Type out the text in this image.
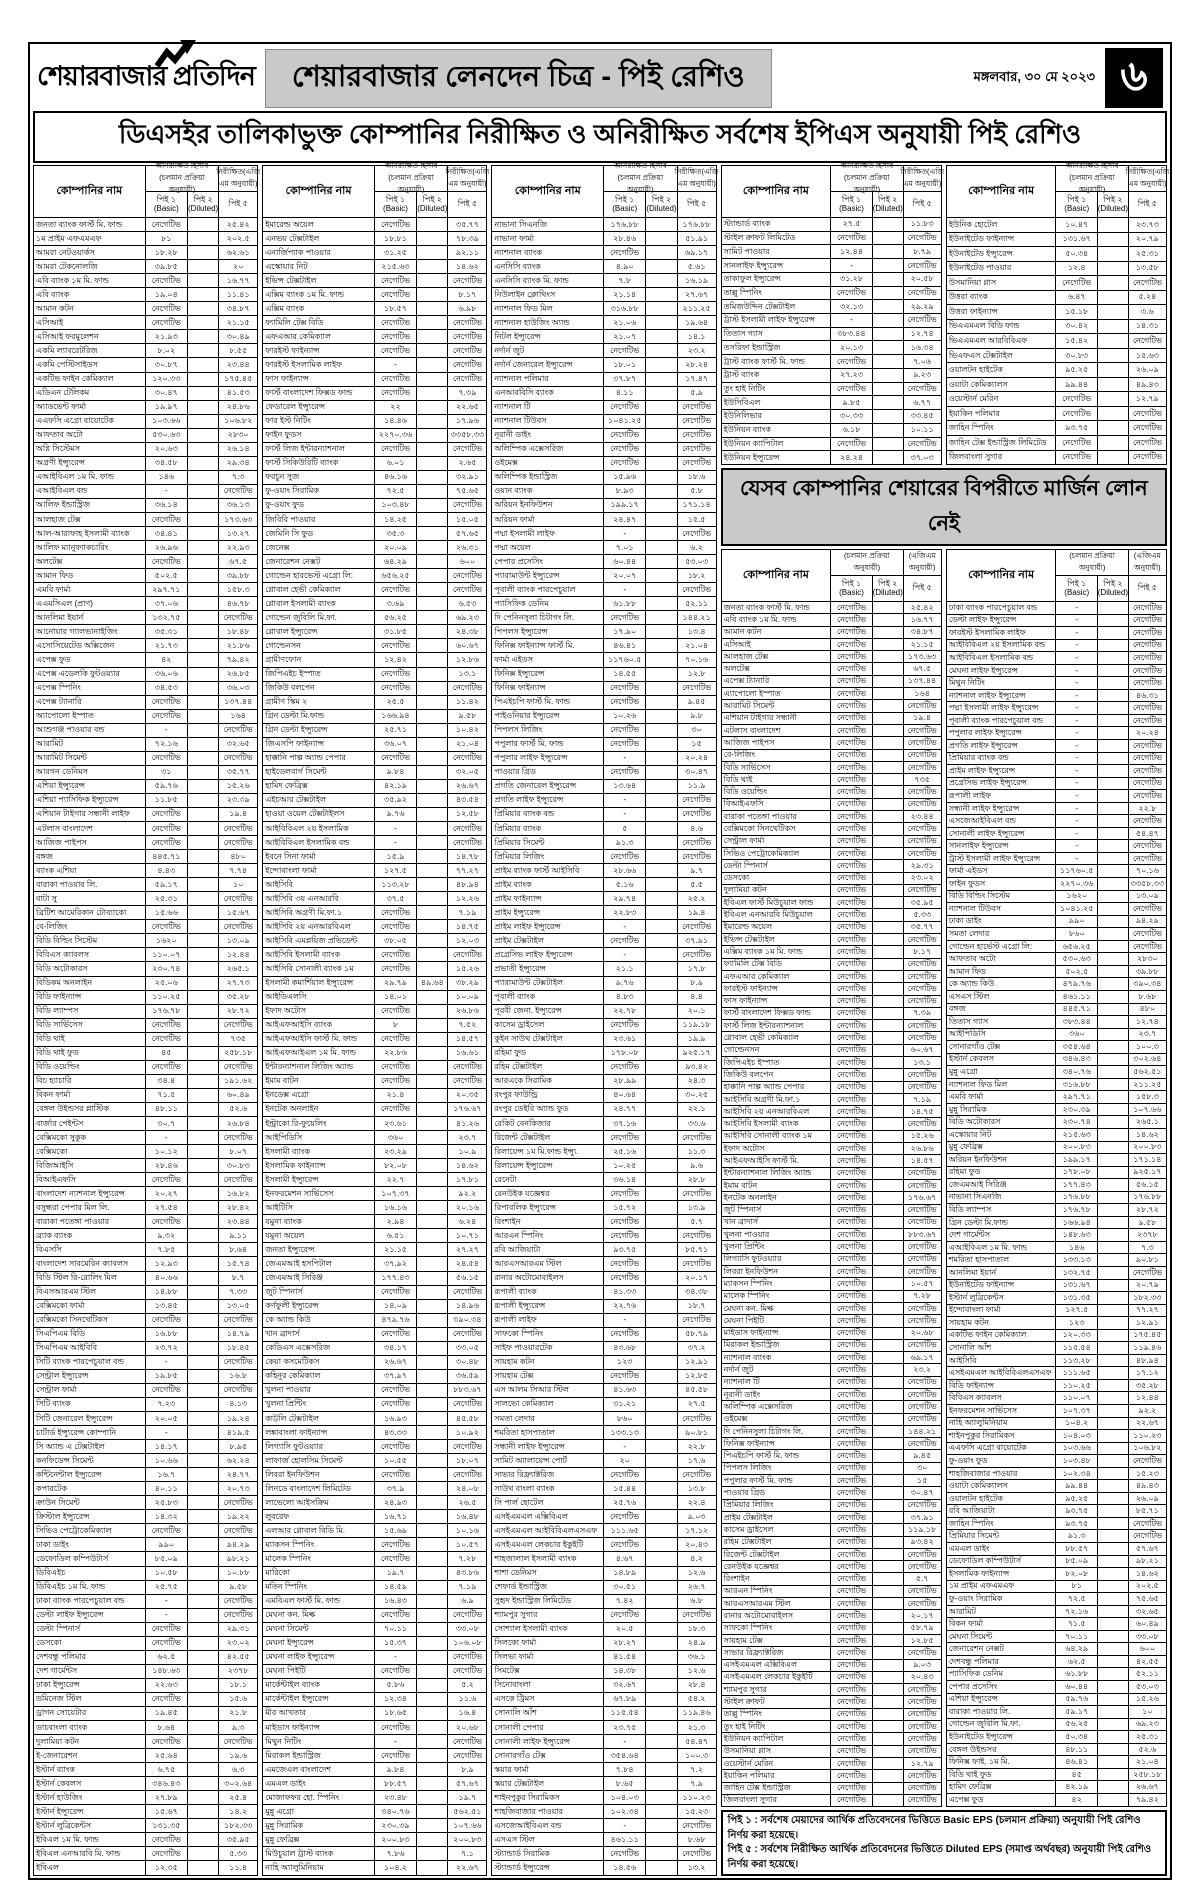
শেয়ারবাজার প্রতিদিন	শেয়ারবাজার লেনদেন চিত্র - পিই রেশিও	মঙ্গলবার, ৩০ মে ২০২৩ ৬
ডিএসইর তালিকাভুক্ত কোম্পানির নিরীক্ষিত ও অনিরীক্ষিত সর্বশেষ ইপিএস অনুযায়ী পিই রেশিও
কোম্পানির নাম
অনিরীক্ষিত হিসাব (চলমান প্রক্রিয়া অনুযায়ী)
নিরীক্ষিত(এজি এম অনুযায়ী)
পিই ১
(Basic)
পিই ২
(Diluted)	পিই ৫
জনতা ব্যাংক ফার্স্ট মি. ফান্ড	নেগেটিভ	২৫.৪২
১ম প্রাইম এফএমএফ	৮১	২০২.৫
আমরা নেটওয়ার্কস	১৮.২৮	৬২.৬১
আমরা টেকনোলজি	৩৯.৮৫	২০
এবি ব্যাংক ১ম মি. ফান্ড	নেগেটিভ	১৬.৭৭
এবি ব্যাংক	১৯.০৪	১১.৪১
আমান কটন	নেগেটিভ	৩৪.৮৭
এসিআই	নেগেটিভ	২১.১৫
এসিআই ফরমুলেশন	২১.৯৩	৩০.৪৯
একমি ল্যাবরেটরিজ	৮.০২	৮.৫৫
একমি পেস্টিসাইডস	৩০.৮৭	২৩.৪৪
একটিভ ফাইন কেমিক্যাল	১২০.৩৩	১৭৫.৪৫
এডিএন টেলিকম	৩০.৪৭	৪১.৫৩
অ্যাডভেন্ট ফার্মা	১৯.৯৭	২৪.৮৬
এএফসি এগ্রো বায়োটেক	১০৩.৬৬	১০৬.৮২
আফতাব অটো	৫৩০.৬৩	২৮৩০
অগ্নি সিস্টেমস	২০.৬৩	২৬.১৪
অগ্রণী ইন্স্যুরেন্স	৩৪.৫৮	২৯.৩৪
এআইবিএল ১ম মি. ফান্ড	১৪৬	৭.৩
এআইবিএল বন্ড	-	নেগেটিভ
আলিফ ইন্ডাস্ট্রিজ	৩৬.১৪	৩৬.১৩
আলহাজ টেক্স	নেগেটিভ	১৭৩.৬৩
আল-আরাফাহ ইসলামী ব্যাংক	৩৪.৪১	১৩.২৭
আলিফ ম্যানুফ্যাকচারিং	২৬.৯৬	২২.৯৩
অলটেক্স	নেগেটিভ	৬৭.৫
আমান ফিড	৫০২.৫	৩৯.৮৮
এমবি ফার্মা	২৯৭.৭১	১৫৮.৩
এএমসিএল (প্রাণ)	৩৭.০৬	৪৬.৭৮
আনলিমা ইয়ার্ন	১৩২.৭৫	নেগেটিভ
আনোয়ার গ্যালভানাইজিং	৩৫.৩১	১৮.৪৮
এসোসিয়েটেড অক্সিজেন	২১.৭৩	২১.৮৬
এপেক্স ফুড	৪২	৭৯.৪২
এপেক্স এডেলকি ফুটওয়্যার	৩৬.০৬	২৬.৮৫
এপেক্স স্পিনিং	৩৪.৫৩	৩৬.০৩
এপেক্স ট্যানারি	নেগেটিভ	১৩৭.৪৪
অ্যাপোলো ইস্পাত	নেগেটিভ	১৬৪
আশুগঞ্জ পাওয়ার বন্ড	-	নেগেটিভ
আরামিট	৭২.১৬	৩২.৬৫
আরামিট সিমেন্ট	নেগেটিভ	নেগেটিভ
আরগন ডেনিমস	৩১	৩৫.৭৭
এশিয়া ইন্স্যুরেন্স	৫৯.৭৬	১৫.২৬
এশিয়া প্যাসিফিক ইন্স্যুরেন্স	১১.৮৫	২৩.৩৯
এশিয়ান টাইগার সন্ধানী লাইফ	নেগেটিভ	১৯.৪
এটলাস বাংলাদেশ	নেগেটিভ	নেগেটিভ
আজিজ পাইপস	নেগেটিভ	নেগেটিভ
বঙ্গজ	৪৪৫.৭১	৪৮০
ব্যাংক এশিয়া	৪.৪৩	৭.৭৪
বারাকা পাওয়ার লি.	৫৯.১৭	১০
বাটা সু	২৫.৩১	নেগেটিভ
ব্রিটিশ আমেরিকান টোব্যাকো	১৫.৬৬	১৫.৬৭
বে-লিজিং	নেগেটিভ	নেগেটিভ
বিডি বিল্ডিং সিস্টেম	১৬২০	১৩.০৯
বিবিএস ক্যাবলস	১১০.০৭	১২.৪৪
বিডি অটোকারস	২৩০.৭৪	২৬৫.১
বিডিকম অনলাইন	২৫.০৬	২৭.৭৩
বিডি ফাইন্যান্স	১১০.২৫	৩৫.২৮
বিডি ল্যাম্পস	১৭৬.৭৮	২৮.৭২
বিডি সার্ভিসেস	নেগেটিভ	নেগেটিভ
বিডি থাই	নেগেটিভ	৭৩৫
বিডি থাই ফুড	৪৫	২৫৮.১৮
বিডি ওয়েল্ডিং	নেগেটিভ	নেগেটিভ
বিচ হ্যাচারি	৩৪.৪	১৯১.৬২
বিকন ফার্মা	৭১.৫	৬০.৪৯
বেঙ্গল উইন্ডসর প্লাস্টিক	৪৮.১১	৫২.৬
বার্জার পেইন্টস	৩০.৭	২৬.৮৪
বেক্সিমকো সুকুক	-	নেগেটিভ
বেক্সিমকো	১০.১২	৮.০৭
বিজিআইসি	২৮.৪৬	৩০.৮৩
বিআইএফসি	নেগেটিভ	নেগেটিভ
বাংলাদেশ ন্যাশনাল ইন্স্যুরেন্স	২০.২৭	১৬.৮২
বসুন্ধরা পেপার মিল লি.	২৭.৫৪	২৮.৪২
বারাকা পতেঙ্গা পাওয়ার	নেগেটিভ	২৩.৪৪
ব্র্যাক ব্যাংক	৯.৩২	৯.১১
বিএসসি	৭.৮৫	৮.৬৪
বাংলাদেশ সাবমেরিন ক্যাবলস	১২.৯৩	১৫.৭৪
বিডি স্টিল রি-রোলিং মিল	৪০.৬৬	৮.৭
বিএসআরএম স্টিল	১৪.৮৮	৭.৩৩
বেক্সিমকো ফার্মা	১৩.৪৫	১৩.০৫
বেক্সিমকো সিনথেটিকস	নেগেটিভ	নেগেটিভ
সিএপিএম বিডি	১৬.৮৮	১৪.৭৯
সিএপিএম আইবিবি	২৩.৭২	১৮.৪৫
সিটি ব্যাংক পারপেচুয়াল বন্ড	-	নেগেটিভ
সেন্ট্রাল ইন্স্যুরেন্স	১৯.৮৫	১৬.৮
সেন্ট্রাল ফার্মা	নেগেটিভ	নেগেটিভ
সিটি ব্যাংক	৭.২৩	৪.১৩
সিটি জেনারেল ইন্স্যুরেন্স	২০.০৫	১৯.২৪
চার্টার্ড ইন্স্যুরেন্স কোম্পানি	-	৪১৯.৫
সি অ্যান্ড এ টেক্সটাইল	১৪.১৭	৮.৯৫
কনফিডেন্স সিমেন্ট	১০.৬৬	৬২.২৪
কন্টিনেন্টাল ইন্স্যুরেন্স	১৬.৭	২৪.৭৭
কপারটেক	৪০.১১	২০.৭৩
ক্রাউন সিমেন্ট	২৫.৮৩	নেগেটিভ
ক্রিস্টাল ইন্স্যুরেন্স	১৪.৩২	১৯.২২
সিভিও পেট্রোকেমিক্যাল	নেগেটিভ	নেগেটিভ
ঢাকা ডাইং	৯৯০	৯৪.২৯
ডেফোডিল কম্পিউটার্স	৮৫.০৯	৯৮.২১
ডিবিএইচ	১০.৫৮	১০.৮৮
ডিবিএইচ ১ম মি. ফান্ড	২৫.৭৫	৯.৫৮
ঢাকা ব্যাংক পারপেচুয়াল বন্ড	-	নেগেটিভ
ডেল্টা লাইফ ইন্স্যুরেন্স	-	নেগেটিভ
ডেল্টা স্পিনার্স	নেগেটিভ	২৯.৩১
ডেসকো	নেগেটিভ	২৩.০২
দেশবন্ধু পলিমার	৬২.৫	৪২.৫৫
দেশ গার্মেন্টস	১৪৮.৬৩	২৩৭৮
ঢাকা ইন্স্যুরেন্স	২২.৬৩	১৮.১
ডমিনেজ স্টিল	নেগেটিভ	১৫.৬
ড্রাগন সোয়েটার	১৯.৪৫	২১.৮
ডাচবাংলা ব্যাংক	৮.৬৪	৯.৩
দুলামিয়া কটন	নেগেটিভ	নেগেটিভ
ই-জেনারেশন	২৫.৬৪	১৯.৬
ইস্টার্ন ব্যাংক	৬.৭৫	৬.৩
ইস্টার্ন কেবলস	৩৪৬.৪৩	৩০২.৬৪
ইস্টার্ন হাউজিং	২৭.৮৯	২৫.৪
ইস্টার্ন ইন্স্যুরেন্স	১৫.৬৭	১৪.২
ইস্টার্ন লুব্রিকেন্টস	১৩১.৩৫	১৮২.৩৩
ইবিএল ১ম মি. ফান্ড	নেগেটিভ	৩৫.৯৫
ইবিএল এনআরবি মি. ফান্ড	নেগেটিভ	৫.৩৩
ইবিএল	১২.৩৫	১১.৪
কোম্পানির নাম
অনিরীক্ষিত হিসাব (চলমান প্রক্রিয়া অনুযায়ী)
নিরীক্ষিত(এজি এম অনুযায়ী)
পিই ১
(Basic)
পিই ২
(Diluted)	পিই ৫
ইমারেল্ড অয়েল	নেগেটিভ	৩৫.৭৭
এনভয় টেক্সটাইল	১৮.৮১	৭৮.৩৯
এনার্জিপ্যাক পাওয়ার	৩১.২৫	৯২.১১
এস্কোয়ার নিট	২১৫.৬৩	১৪.৬২
ইভিন্স টেক্সটাইল	নেগেটিভ	নেগেটিভ
এক্সিম ব্যাংক ১ম মি. ফান্ড	নেগেটিভ	৮.১৭
এক্সিম ব্যাংক	১৮.৫৭	৬.৯৮
ফ্যামিলি টেক্স বিডি	নেগেটিভ	নেগেটিভ
এফএআর কেমিক্যাল	নেগেটিভ	নেগেটিভ
ফারইস্ট ফাইন্যান্স	নেগেটিভ	নেগেটিভ
ফারইস্ট ইসলামিক লাইফ	-	নেগেটিভ
ফাস ফাইন্যান্স	নেগেটিভ	নেগেটিভ
ফার্স্ট বাংলাদেশ ফিক্সড ফান্ড	নেগেটিভ	৭.৩৯
ফেডারেল ইন্স্যুরেন্স	২২	২২.৬৫
ফার ইস্ট নিটিং	১৪.৪৬	১৭.৯৬
ফাইন ফুডস	২২৭০.৩৬	৩৩৫৮.৩৩
ফার্স্ট লিজ ইন্টারন্যাশনাল	নেগেটিভ	নেগেটিভ
ফার্স্ট সিকিউরিটি ব্যাংক	৬.০১	২.৬৫
ফরচুন সুজ	৪৬.১৬	৩২.৯১
ফু-ওয়াং সিরামিক	৭২.৫	৭৫.৬৫
ফু-ওয়াং ফুড	১০৩.৪৮	নেগেটিভ
জিবিবি পাওয়ার	১৪.২৫	১৫.০৫
জেমিনি সি ফুড	৩৫.৩	৫৭.৬৫
জেনেক্স	২০.০৯	২৬.৩১
জেনারেশন নেক্সট	৬৪.২৯	৬০০
গোল্ডেন হারভেস্ট এগ্রো লি:	৬৫৬.২৫	নেগেটিভ
গ্লোবাল হেভী কেমিক্যাল	নেগেটিভ	নেগেটিভ
গ্লোবাল ইসলামী ব্যাংক	৩.৬৯	৬.৫৩
গোল্ডেন জুবিলি মি.ফা.	৫৬.২৫	৬৯.২৩
গ্লোবাল ইন্স্যুরেন্স	৩১.৮৫	২৪.৩৮
গোল্ডেনসন	নেগেটিভ	৬০.৬৭
গ্রামীণফোন	১২.৪২	১২.৮৬
জিপিএইচ ইস্পাত	নেগেটিভ	১৩.১
জিকিউ বলপেন	নেগেটিভ	নেগেটিভ
গ্রামীণ স্কিম ২	২৫.৫	১১.৪২
গ্রিন ডেল্টা মি.ফান্ড	১৬৬.৯৪	৯.৫৮
গ্রিন ডেল্টা ইন্স্যুরেন্স	২৫.৭১	১০.৪২
জিএসপি ফাইন্যান্স	৩৬.০৭	২১.০৪
হাক্কানি পাল্প অ্যান্ড পেপার	নেগেটিভ	নেগেটিভ
হাইডেলবার্গ সিমেন্ট	৯.৮৪	৩২.০৫
হামিদ ফেব্রিক্স	৪২.১৯	২৬.৬৭
এইচআর টেক্সটাইল	৩৫.৯২	৪৩.৫৪
হাওয়া ওয়েল টেক্সটাইলস	৯.৭৬	১২.৫৮
আইবিবিএল ২য় ইসলামিক	-	নেগেটিভ
আইবিবিএল ইসলামিক বন্ড	-	নেগেটিভ
ইবনে সিনা ফার্মা	১৫.৯	১৪.৭৮
ইন্দোবাংলা ফার্মা	১২৭.৫	৭৭.২৭
আইসিবি	১১৩.২৮	৪৮.৯৪
আইসিবি ৩য় এনআরবি	৩৭.৫	১২.২৬
আইসিবি অগ্রণী মি.ফা.১	নেগেটিভ	৭.১৯
আইসিবি ২য় এনআরবিএল	নেগেটিভ	১৪.৭৫
আইসিবি এমপ্লয়িজ প্রভিডেন্ট	৩৮.০৫	১২.০৩
আইসিবি ইসলামী ব্যাংক	নেগেটিভ	নেগেটিভ
আইসিবি সোনালী ব্যাংক ১ম	নেগেটিভ	১৫.২৬
ইসলামী কমার্শিয়াল ইন্স্যুরেন্স	২৯.৭৯	৪৯.৬৪	৩৮.২৯
আইডিএলসি	১৪.০১	১০.০৯
ইফাদ অটোস	নেগেটিভ	২৬.৮৬
আইএফআইসি ব্যাংক	৮	৭.৫২
আইএফআইসি ফার্স্ট মি. ফান্ড	নেগেটিভ	১৪.৫৭
আইএফআইএল ১ম মি. ফান্ড	২২.৮৬	১৬.৬১
ইন্টারন্যাশনাল লিজিং অ্যান্ড	নেগেটিভ	নেগেটিভ
ইমাম বাটন	নেগেটিভ	নেগেটিভ
ইনডেক্স এগ্রো	২১.৪	২০.৩৫
ইনটেক অনলাইন	নেগেটিভ	১৭৬.৬৭
ইন্ট্রাকো রি-ফুয়েলিং	২৩.৬১	৪১.২৬
আইপিডিসি	৩৬০	২৩.৭
ইসলামী ব্যাংক	২৩.২৯	১০.৯
ইসলামিক ফাইন্যান্স	৮২.০৮	১৪.৬২
ইসলামী ইন্স্যুরেন্স	২২.৭	১৭.৮১
ইনফরমেশন সার্ভিসেস	১০৭.৩৭	৯২.২
আইটিসি	১৬.১৬	২০.১৬
যমুনা ব্যাংক	২.৯৪	৬.২৪
যমুনা অয়েল	৬.৫১	১০.৭১
জনতা ইন্স্যুরেন্স	২১.১৫	২৭.২৭
জেএমআই হসপিটাল	৩৭.৯২	২৪.৫৪
জেএমআই সিরিঞ্জ	১৭৭.৪৩	৫৬.১৫
জুট স্পিনার্স	নেগেটিভ	নেগেটিভ
কর্ণফুলী ইন্স্যুরেন্স	১৪.০৯	১৪.৯৬
কে অ্যান্ড কিউ	৪৭৯.৭৬	৩৯০.৩৪
খান ব্রাদার্স	নেগেটিভ	নেগেটিভ
কেডিএস এক্সেসরিজ	৩৪.১৭	৩৩.০৫
কেয়া কসমেটিকস	২৬.৬৭	৩০.৪৮
কহিনূর কেমিক্যাল	৩৭.৯৭	৩৬.৫৯
খুলনা পাওয়ার	নেগেটিভ	৮৮৩.৬৭
খুলনা প্রিন্টিং	নেগেটিভ	নেগেটিভ
কাট্টলি টেক্সটাইল	১৬.৯৩	৪৫.৫৮
লঙ্কাবাংলা ফাইন্যান্স	৪৩.৩৩	১০.৯২
লিগ্যাসি ফুটওয়্যার	নেগেটিভ	নেগেটিভ
লাফার্জ হোলসিম সিমেন্ট	১০.৫৫	১৮.০৭
লিবরা ইনফিউশন	নেগেটিভ	নেগেটিভ
লিনডে বাংলাদেশ লিমিটেড	৩৭.৯	২৪.০৮
লাভেলো আইসক্রিম	২৪.৯৩	২৬.৫
লুবরেফ	১৬.৭১	১৬.৪৮
এলআর গ্লোবাল বিডি মি.	১৫.৬৯	১০.১৬
ম্যাকসন স্পিনিং	নেগেটিভ	১০.৫৭
মালেক স্পিনিং	নেগেটিভ	৭.২৮
মারিকো	১৯.৭	৪৩.৮৬
মতিন স্পিনিং	১৪.৫৯	৭.১৯
এমবিএল ফার্স্ট মি. ফান্ড	১৬.৪৩	৬.৯
মেঘনা কন. মিল্ক	নেগেটিভ	নেগেটিভ
মেঘনা সিমেন্ট	৭০.১১	৩৩.০৮
মেঘনা ইন্স্যুরেন্স	১৫.৩৭	১০৬.০৮
মেঘনা লাইফ ইন্স্যুরেন্স	-	নেগেটিভ
মেঘনা পিইটি	নেগেটিভ	নেগেটিভ
মার্কেন্টাইল ব্যাংক	৫.৮৬	৫.২
মার্কেন্টাইল ইন্স্যুরেন্স	১২.৩৪	১১.৬
মীর আখতার	১৮.৬৫	১৬.৪
মাইডাস ফাইন্যান্স	নেগেটিভ	২০.৬৮
মিথুন নিটিং	-	নেগেটিভ
মিরাকল ইন্ডাস্ট্রিজ	নেগেটিভ	নেগেটিভ
এমজেএল বাংলাদেশ	৯.৮৪	৮.৯
এমএল ডাইং	৮৮.৫৭	৫৭.৬৭
মোজাফফর হো. স্পিনিং	২৩.৪৮	১৯.৭
মুন্নু এগ্রো	৩৪০.৭৬	৫৬২.৫১
মুন্নু সিরামিক	২৩০.৩৯	১০৭.৬৬
মুন্নু ফেব্রিক্স	২০০.৮৩	২০০.৮৩
মিউচুয়াল ট্রাস্ট ব্যাংক	৭.৮৬	৭.১
নাহি অ্যালুমিনিয়াম	১০৪.২	২২.৬৭
কোম্পানির নাম
অনিরীক্ষিত হিসাব (চলমান প্রক্রিয়া অনুযায়ী)
নিরীক্ষিত(এজি এম অনুযায়ী)
পিই ১
(Basic)
পিই ২
(Diluted)	পিই ৫
নাভানা সিএনজি	১৭৬.৮৮	১৭৬.৮৮
নাভানা ফার্মা	২৮.৪৬	৫১.৯১
ন্যাশনাল ব্যাংক	নেগেটিভ	৬৯.১৭
এনসিসি ব্যাংক	৪.৯০	৫.৬১
এনসিসি ব্যাংক মি. ফান্ড	৭.৮	১৬.১৯
নিউলাইন ক্লোথিংস	২১.১৪	২৭.৬৭
ন্যাশনাল ফিড মিল	৩১৬.৮৮	২১১.২৫
ন্যাশনাল হাউজিং অ্যান্ড	২১.০৬	১৯.৬৪
নিটল ইন্স্যুরেন্স	২১.০৭	১৪.১
নর্দার্ন জুট	নেগেটিভ	২৩.২
নর্দার্ন জেনারেল ইন্স্যুরেন্স	১৮.০১	২৮.২৪
ন্যাশনাল পলিমার	৩৭.৮৭	১৭.৪৭
এনআরবিসি ব্যাংক	৪.১১	৫.৯
ন্যাশনাল টি	নেগেটিভ	নেগেটিভ
ন্যাশনাল টিউবস	১০৪১.২৫	নেগেটিভ
নূরানী ডাইং	নেগেটিভ	নেগেটিভ
অলিম্পিক এক্সেসরিজ	নেগেটিভ	নেগেটিভ
ওইমেক্স	নেগেটিভ	নেগেটিভ
অলিম্পিক ইন্ডাস্ট্রিজ	১৫.৯৬	১৮.৬
ওয়ান ব্যাংক	৮.৯৩	৫.৮
অরিয়ন ইনফিউশন	১৯৯.১৭	১৭১.১৪
অরিয়ন ফার্মা	২৪.৪৭	১৫.৫
পদ্মা ইসলামী লাইফ	-	নেগেটিভ
পদ্মা অয়েল	৭.০১	৬.২
পেপার প্রসেসিং	৬০.৪৪	৫৩.০৩
প্যারামাউন্ট ইন্স্যুরেন্স	২০.০৭	১৮.২
পূবালী ব্যাংক পারপেচুয়াল	-	নেগেটিভ
প্যাসিফিক ডেনিম	৬১.৮৮	৫২.১১
দি পেনিনসুলা চিটাগং লি.	নেগেটিভ	১৪৪.২১
পিপলস ইন্স্যুরেন্স	১৭.৯০	১৩.৪
ফিনিক্স ফাইন্যান্স ফার্স্ট মি.	৪৬.৪১	২১.০৪
ফার্মা এইডস	১১৭৬০.৫	৭০.১৬
ফিনিক্স ইন্স্যুরেন্স	১৪.৫৫	১২.৮
ফিনিক্স ফাইন্যান্স	নেগেটিভ	নেগেটিভ
পিএইচপি ফার্স্ট মি. ফান্ড	নেগেটিভ	৯.৪৫
পাইওনিয়ার ইন্স্যুরেন্স	১০.২৬	৯.৮
পিপলস লিজিং	নেগেটিভ	৩০
পপুলার ফার্স্ট মি. ফান্ড	নেগেটিভ	১৫
পপুলার লাইফ ইন্স্যুরেন্স	-	২০.২৪
পাওয়ার গ্রিড	নেগেটিভ	৩০.৪৭
প্রগতি জেনারেল ইন্স্যুরেন্স	১৩.৬৪	১১.৯
প্রগতি লাইফ ইন্স্যুরেন্স	-	নেগেটিভ
প্রিমিয়ার ব্যাংক বন্ড	-	নেগেটিভ
প্রিমিয়ার ব্যাংক	৫	৪.৬
প্রিমিয়ার সিমেন্ট	৯১.৩	নেগেটিভ
প্রিমিয়ার লিজিং	নেগেটিভ	নেগেটিভ
প্রাইম ব্যাংক ফার্স্ট আইসিবি	২৮.৬৬	৯.৭
প্রাইম ব্যাংক	৫.১৬	৫.৫
প্রাইম ফাইন্যান্স	২৯.৭৪	২৫.২
প্রাইম ইন্স্যুরেন্স	২২.৮৩	১৯.৪
প্রাইম লাইফ ইন্স্যুরেন্স	-	নেগেটিভ
প্রাইম টেক্সটাইল	নেগেটিভ	৩৭.৯১
প্রগ্রেসিভ লাইফ ইন্স্যুরেন্স	-	নেগেটিভ
প্রভাতী ইন্স্যুরেন্স	২১.১	১৭.৮
প্যারামাউন্ট টেক্সটাইল	৯.৭৬	৮.৯
পূবালী ব্যাংক	৪.৮৩	৪.৪
পূরবী জেনা. ইন্স্যুরেন্স	২২.৭৮	২০.১
কাসেম ড্রাইসেল	নেগেটিভ	১১৯.১৮
কুইন সাউথ টেক্সটাইল	২৩.৬১	১৯.৯
রহিমা ফুড	১৭৮.০৮	৯২৫.১৭
রহিম টেক্সটাইল	নেগেটিভ	৯৩.৪২
আরএকে সিরামিক	২৮.৯৯	২৪.৩
রংপুর ফাউন্ড্রি	৪০.৬৪	৩০.২৫
রংপুর ডেইরি অ্যান্ড ফুড	২৪.৭৭	২২.১
রেকিট বেনকিজার	৩৭.১৬	৩৩.৬
রিজেন্ট টেক্সটাইল	নেগেটিভ	নেগেটিভ
রিলায়েন্স ১ম মি.ফান্ড ইন্স্যু.	২৫.১৬	১১.৩
রিলায়েন্স ইন্স্যুরেন্স	১০.২৫	৯.৬
রেনেটা	৩৬.১৪	২৮.৮
রেনউইক যজ্ঞেশ্বর	নেগেটিভ	নেগেটিভ
রিপাবলিক ইন্স্যুরেন্স	১৫.৭২	১৩.৯
রিংশাইন	নেগেটিভ	৫.৭
আরএন স্পিনিং	নেগেটিভ	নেগেটিভ
রবি আজিয়াটা	৯৩.৭৫	৮৫.৭১
আরএসআরএম স্টিল	নেগেটিভ	নেগেটিভ
রানার অটোমোবাইলস	নেগেটিভ	২০.১৭
রূপালী ব্যাংক	৪১.৩৩	৩৪.৩৮
রূপালী ইন্স্যুরেন্স	২২.৭৬	১৮.৭
রূপালী লাইফ	-	নেগেটিভ
সাফকো স্পিনিং	নেগেটিভ	৫৮.৭৯
সাইফ পাওয়ারটেক	৪৩.৬৮	৩৭.২
সায়হাম কটন	১২৩	১২.৯১
সায়হাম টেক্স	নেগেটিভ	১২.৮৫
এস আলম সিআর স্টিল	৪১.৬৩	৪৫.৫৮
সালভো কেমিক্যাল	৩১.২১	২৭.৫
সমতা লেদার	৮৬০	নেগেটিভ
শমরিতা হাসপাতাল	১৩৩.১৩	৯০.৮১
সন্ধানী লাইফ ইন্স্যুরেন্স	-	২২.৮
সামিট অ্যালায়েন্স পোর্ট	২০	১৭.৬
সাভার রিফ্র্যাক্টরিজ	নেগেটিভ	নেগেটিভ
সাউথ বাংলা ব্যাংক	১৫.৪৪	১৩.৮
সি পার্ল হোটেল	২৫.৭৬	২২.৪
এসইএমএল এক্সিবিএল	নেগেটিভ	৯.০৩
এসইএমএল আইবিবিএলএসএফ	১১১.৬৫	১৭.১২
এসইএমএল লেকচার ইকুইটি	নেগেটিভ	২০.৪৩
শাহজালাল ইসলামী ব্যাংক	৪.৬৭	৪.২
শাশা ডেনিমস	১৪.৮৯	১২.৬
শেফার্ড ইন্ডাস্ট্রিজ	৩০.৫১	২৬.৭
সুহৃদ ইন্ডাস্ট্রিজ লিমিটেড	৭.৪২	৬.৮
শ্যামপুর সুগার	নেগেটিভ	নেগেটিভ
সোশ্যাল ইসলামী ব্যাংক	২০.৫	১৮.৩
সিলকো ফার্মা	২৮.২৭	২৪.৯
সিলভা ফার্মা	৪১.৫৪	৩৬.১
সিমটেক্স	১৪.৩৮	১২.৬
সিনোবাংলা	৩২.৬৭	২৮.৪
এসকে ট্রিমস	৬৭.৮৯	৫৪.২
সোনালি আঁশ	১১৫.৫৪	১১৯.৪৬
সোনালী পেপার	২৩.৭৫	২১.৩
সোনালী লাইফ ইন্স্যুরেন্স	-	৫৪.৪৭
সোনারগাঁও টেক্স	৩৫৪.৬৪	১০০.৩
স্কয়ার ফার্মা	৭.৮৪	৭.২
স্কয়ার টেক্সটাইল	৮.৬৫	৭.৯
শাইনপুকুর সিরামিকস	১০৪.০৩	১১০.২৩
শাহজিবাজার পাওয়ার	১০২.৩৪	১৫.২৩
এসজেআইবিএল বন্ড	-	নেগেটিভ
এসএস স্টিল	৪৬১.১১	৮.৬৮
স্ট্যান্ডার্ড সিরামিক	নেগেটিভ	নেগেটিভ
স্ট্যান্ডার্ড ইন্স্যুরেন্স	১৪.৫৬	১৩.২
কোম্পানির নাম
অনিরীক্ষিত হিসাব (চলমান প্রক্রিয়া অনুযায়ী)
নিরীক্ষিত(এজি এম অনুযায়ী)
পিই ১
(Basic)
পিই ২
(Diluted)	পিই ৫
স্ট্যান্ডার্ড ব্যাংক	২৭.৫	১১.৮৩
স্টাইল ক্রাফট লিমিটেড	নেগেটিভ	নেগেটিভ
সামিট পাওয়ার	১২.৪৪	৮.৭৯
সানলাইফ ইন্স্যুরেন্স	-	নেগেটিভ
তাকাফুল ইন্স্যুরেন্স	৩১.২৮	২০.৫৮
তাল্লু স্পিনিং	নেগেটিভ	নেগেটিভ
তমিজউদ্দিন টেক্সটাইল	৩২.১৩	২৯.২৯
ট্রাস্ট ইসলামী লাইফ ইন্স্যুরেন্স	-	নেগেটিভ
তিতাস গ্যাস	৩৮৩.৪৪	১২.৭৪
তসরিফা ইন্ডাস্ট্রিজ	২০.১৩	১৬.৩৪
ট্রাস্ট ব্যাংক ফার্স্ট মি. ফান্ড	নেগেটিভ	৭.০৬
ট্রাস্ট ব্যাংক	২৭.২৩	৯.২৩
তুং হাই নিটিং	নেগেটিভ	নেগেটিভ
ইউসিবিএল	৯.৮৫	৬.৭৭
ইউনিলিভার	৩০.৩৩	৩৩.৪৫
ইউনিয়ন ব্যাংক	৬.১৮	১০.১১
ইউনিয়ন ক্যাপিটাল	নেগেটিভ	নেগেটিভ
ইউনিয়ন ইন্স্যুরেন্স	২৪.২৪	৩৭.০৩
কোম্পানির নাম
অনিরীক্ষিত হিসাব (চলমান প্রক্রিয়া অনুযায়ী)
নিরীক্ষিত(এজি এম অনুযায়ী)
পিই ১
(Basic)
পিই ২
(Diluted)	পিই ৫
ইউনিক হোটেল	১০.৪৭	২৩.৭৩
ইউনাইটেড ফাইন্যান্স	১৩১.৬৭	২০.৭৯
ইউনাইটেড ইন্স্যুরেন্স	৫০.৩৪	২৫.৩১
ইউনাইটেড পাওয়ার	১২.৪	১৩.৫৮
উসমানিয়া গ্লাস	নেগেটিভ	নেগেটিভ
উত্তরা ব্যাংক	৬.৪৭	৫.২৪
উত্তরা ফাইন্যান্স	১৫.১৮	৩.৬
ভিএএমএল বিডি ফান্ড	৩০.৪২	১৪.৩১
ভিএএমএল আরবিবিএফ	১৫.৪২	নেগেটিভ
ভিএফএস টেক্সটাইল	৩০.৮৩	১৫.৬৩
ওয়ালটন হাইটেক	৯৫.২৫	২৬.০৯
ওয়াটা কেমিক্যালস	৯৯.৪৪	৪৯.৪৩
ওয়েস্টার্ন মেরিন	নেগেটিভ	১২.৭৯
ইয়াকিন পলিমার	নেগেটিভ	নেগেটিভ
জাহিন স্পিনিং	৯৩.৭৫	নেগেটিভ
জাহিন টেক্স ইন্ডাস্ট্রিজ লিমিটেড	নেগেটিভ	নেগেটিভ
জিলবাংলা সুগার	নেগেটিভ	নেগেটিভ
যেসব কোম্পানির শেয়ারের বিপরীতে মার্জিন লোন নেই
কোম্পানির নাম
(চলমান প্রক্রিয়া অনুযায়ী)
(এজিএম অনুযায়ী)
পিই ১
(Basic)
পিই ২
(Diluted)	পিই ৫
জনতা ব্যাংক ফার্স্ট মি. ফান্ড	নেগেটিভ	২৫.৪২
এবি ব্যাংক ১ম মি. ফান্ড	নেগেটিভ	১৬.৭৭
আমান কটন	নেগেটিভ	৩৪.৮৭
এসিআই	নেগেটিভ	২১.১৫
আলহাজ টেক্স	নেগেটিভ	১৭৩.৬৩
অলটেক্স	নেগেটিভ	৬৭.৫
এপেক্স ট্যানারি	নেগেটিভ	১৩৭.৪৪
এ্যাপোলো ইস্পাত	নেগেটিভ	১৬৪
আরামিট সিমেন্ট	নেগেটিভ	নেগেটিভ
এশিয়ান টাইগার সন্ধানী	নেগেটিভ	১৯.৪
এটলাস বাংলাদেশ	নেগেটিভ	নেগেটিভ
আজিজ পাইপস	নেগেটিভ	নেগেটিভ
বে-লিজিং	নেগেটিভ	নেগেটিভ
বিডি সার্ভিসেস	নেগেটিভ	নেগেটিভ
বিডি থাই	নেগেটিভ	৭৩৫
বিডি ওয়েল্ডিং	নেগেটিভ	নেগেটিভ
বিআইএফসি	নেগেটিভ	নেগেটিভ
বারাকা পতেঙ্গা পাওয়ার	নেগেটিভ	২৩.৪৪
বেক্সিমকো সিনথেটিকস	নেগেটিভ	নেগেটিভ
সেন্ট্রাল ফার্মা	নেগেটিভ	নেগেটিভ
সিভিও পেট্রোকেমিক্যাল	নেগেটিভ	নেগেটিভ
ডেল্টা স্পিনার্স	নেগেটিভ	২৯.৩১
ডেসকো	নেগেটিভ	২৩.০২
দুলামিয়া কটন	নেগেটিভ	নেগেটিভ
ইবিএল ফার্স্ট মিউচুয়াল ফান্ড	নেগেটিভ	৩৫.৯৫
ইবিএল এনআরবি মিউচুয়াল	নেগেটিভ	৫.৩৩
ইমারেল্ড অয়েল	নেগেটিভ	৩৫.৭৭
ইভিন্স টেক্সটাইল	নেগেটিভ	নেগেটিভ
এক্সিম ব্যাংক ১ম মি. ফান্ড	নেগেটিভ	৮.১৭
ফ্যামিলি টেক্স বিডি	নেগেটিভ	নেগেটিভ
এফএআর কেমিক্যাল	নেগেটিভ	নেগেটিভ
ফারইস্ট ফাইন্যান্স	নেগেটিভ	নেগেটিভ
ফাস ফাইন্যান্স	নেগেটিভ	নেগেটিভ
ফার্স্ট বাংলাদেশ ফিক্সড ফান্ড	নেগেটিভ	৭.৩৯
ফার্স্ট লিজ ইন্টারন্যাশনাল	নেগেটিভ	নেগেটিভ
গ্লোবাল হেভী কেমিক্যাল	নেগেটিভ	নেগেটিভ
গোল্ডেনসন	নেগেটিভ	৬০.৬৭
জিপিএইচ ইস্পাত	নেগেটিভ	১৩.১
জিকিউ বলপেন	নেগেটিভ	নেগেটিভ
হাক্কানি পাল্প অ্যান্ড পেপার	নেগেটিভ	নেগেটিভ
আইসিবি অগ্রণী মি.ফা.১	নেগেটিভ	৭.১৯
আইসিবি ২য় এনআরবিএল	নেগেটিভ	১৪.৭৫
আইসিবি ইসলামী ব্যাংক	নেগেটিভ	নেগেটিভ
আইসিবি সোনালী ব্যাংক ১ম	নেগেটিভ	১৫.২৬
ইফাদ অটোস	নেগেটিভ	২৬.৮৬
আইএফআইসি ফার্স্ট মি.	নেগেটিভ	১৪.৫৭
ইন্টারন্যাশনাল লিজিং অ্যান্ড	নেগেটিভ	নেগেটিভ
ইমাম বাটন	নেগেটিভ	নেগেটিভ
ইনটেক অনলাইন	নেগেটিভ	১৭৬.৬৭
জুট স্পিনার্স	নেগেটিভ	নেগেটিভ
খান ব্রাদার্স	নেগেটিভ	নেগেটিভ
খুলনা পাওয়ার	নেগেটিভ	৮৮৩.৬৭
খুলনা প্রিন্টিং	নেগেটিভ	নেগেটিভ
লিগ্যাসি ফুটওয়্যার	নেগেটিভ	নেগেটিভ
লিবরা ইনফিউশন	নেগেটিভ	নেগেটিভ
ম্যাকসন স্পিনিং	নেগেটিভ	১০.৫৭
মালেক স্পিনিং	নেগেটিভ	৭.২৮
মেঘনা কন. মিল্ক	নেগেটিভ	নেগেটিভ
মেঘনা পিইটি	নেগেটিভ	নেগেটিভ
মাইডাস ফাইন্যান্স	নেগেটিভ	২০.৬৮
মিরাকল ইন্ডাস্ট্রিজ	নেগেটিভ	নেগেটিভ
ন্যাশনাল ব্যাংক	নেগেটিভ	৬৯.১৭
নর্দার্ন জুট	নেগেটিভ	২৩.২
ন্যাশনাল টি	নেগেটিভ	নেগেটিভ
নূরানী ডাইং	নেগেটিভ	নেগেটিভ
অলিম্পিক এক্সেসরিজ	নেগেটিভ	নেগেটিভ
ওইমেক্স	নেগেটিভ	নেগেটিভ
দি পেনিনসুলা চিটাগং লি.	নেগেটিভ	১৪৪.২১
ফিনিক্স ফাইন্যান্স	নেগেটিভ	নেগেটিভ
পিএইচপি ফার্স্ট মি. ফান্ড	নেগেটিভ	৯.৪৫
পিপলস লিজিং	নেগেটিভ	৩০
পপুলার ফার্স্ট মি. ফান্ড	নেগেটিভ	১৫
পাওয়ার গ্রিড	নেগেটিভ	৩০.৪৭
প্রিমিয়ার লিজিং	নেগেটিভ	নেগেটিভ
প্রাইম টেক্সটাইল	নেগেটিভ	৩৭.৯১
কাসেম ড্রাইসেল	নেগেটিভ	১১৯.১৮
রহিম টেক্সটাইল	নেগেটিভ	৯৩.৪২
রিজেন্ট টেক্সটাইল	নেগেটিভ	নেগেটিভ
রেনউইক যজ্ঞেশ্বর	নেগেটিভ	নেগেটিভ
রিংশাইন	নেগেটিভ	৫.৭
আরএন স্পিনিং	নেগেটিভ	নেগেটিভ
আরএসআরএম স্টিল	নেগেটিভ	নেগেটিভ
রানার অটোমোবাইলস	নেগেটিভ	২০.১৭
সাফকো স্পিনিং	নেগেটিভ	৫৮.৭৯
সায়হাম টেক্স	নেগেটিভ	১২.৮৫
সাভার রিফ্র্যাক্টরিজ	নেগেটিভ	নেগেটিভ
এসইএমএল এক্সিবিএল	নেগেটিভ	৯.০৩
এসইএমএল লেকচার ইকুইটি	নেগেটিভ	২০.৪৩
শ্যামপুর সুগার	নেগেটিভ	নেগেটিভ
স্টাইল ক্রাফট	নেগেটিভ	নেগেটিভ
তাল্লু স্পিনিং	নেগেটিভ	নেগেটিভ
তুং হাই নিটিং	নেগেটিভ	নেগেটিভ
ইউনিয়ন ক্যাপিটাল	নেগেটিভ	নেগেটিভ
উসমানিয়া গ্লাস	নেগেটিভ	নেগেটিভ
ওয়েস্টার্ন মেরিন	নেগেটিভ	১২.৭৯
ইয়াকিন পলিমার	নেগেটিভ	নেগেটিভ
জাহিন টেক্স ইন্ডাস্ট্রিজ	নেগেটিভ	নেগেটিভ
জিলবাংলা সুগার	নেগেটিভ	নেগেটিভ
কোম্পানির নাম
(চলমান প্রক্রিয়া অনুযায়ী)
(এজিএম অনুযায়ী)
পিই ১
(Basic)
পিই ২
(Diluted)	পিই ৫
ঢাকা ব্যাংক পারপেচুয়াল বন্ড	-	নেগেটিভ
ডেল্টা লাইফ ইন্স্যুরেন্স	-	নেগেটিভ
ফারইস্ট ইসলামিক লাইফ	-	নেগেটিভ
আইবিবিএল ২য় ইসলামিক বন্ড	-	নেগেটিভ
আইবিবিএল ইসলামিক বন্ড	-	নেগেটিভ
মেঘনা লাইফ ইন্স্যুরেন্স	-	নেগেটিভ
মিথুন নিটিং	-	নেগেটিভ
ন্যাশনাল লাইফ ইন্স্যুরেন্স	-	৪৬.৩১
পদ্মা ইসলামী লাইফ ইন্স্যুরেন্স	-	নেগেটিভ
পূবালী ব্যাংক পারপেচুয়াল বন্ড	-	নেগেটিভ
পপুলার লাইফ ইন্স্যুরেন্স	-	২০.২৪
প্রগতি লাইফ ইন্স্যুরেন্স	-	নেগেটিভ
প্রিমিয়ার ব্যাংক বন্ড	-	নেগেটিভ
প্রাইম লাইফ ইন্স্যুরেন্স	-	নেগেটিভ
প্রগ্রেসিভ লাইফ ইন্স্যুরেন্স	-	নেগেটিভ
রূপালী লাইফ	-	নেগেটিভ
সন্ধানী লাইফ ইন্স্যুরেন্স	-	২২.৮
এসজেআইবিএল বন্ড	-	নেগেটিভ
সোনালী লাইফ ইন্স্যুরেন্স	-	৫৪.৪৭
সানলাইফ ইন্স্যুরেন্স	-	নেগেটিভ
ট্রাস্ট ইসলামী লাইফ ইন্স্যুরেন্স	-	নেগেটিভ
ফার্মা এইডস	১১৭৬০.৫	৭০.১৬
ফাইন ফুডস	২২৭০.৩৬	৩৩৫৮.৩৩
বিডি বিল্ডিং সিস্টেম	১৬২০	১৩.০৯
ন্যাশনাল টিউবস	১০৪১.২৫	নেগেটিভ
ঢাকা ডাইং	৯৯০	৯৪.২৯
সমতা লেদার	৮৬০	নেগেটিভ
গোল্ডেন হার্ভেস্ট এগ্রো লি:	৬৫৬.২৫	নেগেটিভ
আফতাব অটো	৫৩০.৬৩	২৮৩০
আমান ফিড	৫০২.৫	৩৯.৮৮
কে অ্যান্ড কিউ	৪৭৯.৭৬	৩৯০.৩৪
এসএস স্টিল	৪৬১.১১	৮.৬৮
বঙ্গজ	৪৪৫.৭১	৪৮০
তিতাস গ্যাস	৩৮৩.৪৪	১২.৭৪
আইপিডিসি	৩৬০	২৩.৭
সোনারগাঁও টেক্স	৩৫৪.৬৪	১০০.৩
ইস্টার্ন কেবলস	৩৪৬.৪৩	৩০২.৬৪
মুন্নু এগ্রো	৩৪০.৭৬	৫৬২.৫১
ন্যাশনাল ফিড মিল	৩১৬.৮৮	২১১.২৫
এমবি ফার্মা	২৯৭.৭১	১৫৮.৩
মুন্নু সিরামিক	২৩০.৩৯	১০৭.৬৬
বিডি অটোকারস	২৩০.৭৪	২৬৫.১
এস্কোয়ার নিট	২১৫.৬৩	১৪.৬২
মুন্নু ফেব্রিক্স	২০০.৮৩	২০০.৮৩
অরিয়ন ইনফিউশন	১৯৯.১৭	১৭১.১৪
রহিমা ফুড	১৭৮.০৮	৯২৫.১৭
জেএমআই সিরিঞ্জ	১৭৭.৪৩	৫৬.১৫
নাভানা সিএনজি	১৭৬.৮৮	১৭৬.৮৮
বিডি ল্যাম্পস	১৭৬.৭৮	২৮.৭২
গ্রিন ডেল্টা মি.ফান্ড	১৬৬.৯৪	৯.৫৮
দেশ গার্মেন্টস	১৪৮.৬৩	২৩৭৮
এআইবিএল ১ম মি. ফান্ড	১৪৬	৭.৩
শমরিতা হাসপাতাল	১৩৩.১৩	৯০.৮১
আনলিমা ইয়ার্ন	১৩২.৭৫	নেগেটিভ
ইউনাইটেড ফাইন্যান্স	১৩১.৬৭	২০.৭৯
ইস্টার্ন লুব্রিকেন্টস	১৩১.৩৫	১৮২.৩৩
ইন্দোবাংলা ফার্মা	১২৭.৫	৭৭.২৭
সায়হাম কটন	১২৩	১২.৯১
একটিভ ফাইন কেমিক্যাল	১২০.৩৩	১৭৫.৪৫
সোনালি আঁশ	১১৫.৫৪	১১৯.৪৬
আইসিবি	১১৩.২৮	৪৮.৯৪
এসইএমএল আইবিবিএলএসএফ	১১১.৬৫	১৭.১২
বিডি ফাইন্যান্স	১১০.২৫	৩৫.২৮
বিবিএস ক্যাবলস	১১০.০৭	১২.৪৪
ইনফরমেশন সার্ভিসেস	১০৭.৩৭	৯২.২
নাহি অ্যালুমিনিয়াম	১০৪.২	২২.৬৭
শাইনপুকুর সিরামিকস	১০৪.০৩	১১০.২৩
এএফসি এগ্রো বায়োটেক	১০৩.৬৬	১০৬.৮২
ফু-ওয়াং ফুড	১০৩.৪৮	নেগেটিভ
শাহজিবাজার পাওয়ার	১০২.৩৪	১৫.২৩
ওয়াটা কেমিক্যালস	৯৯.৪৪	৪৯.৪৩
ওয়ালটন হাইটেক	৯৫.২৫	২৬.০৯
রবি আজিয়াটা	৯৩.৭৫	৮৫.৭১
জাহিন স্পিনিং	৯৩.৭৫	নেগেটিভ
প্রিমিয়ার সিমেন্ট	৯১.৩	নেগেটিভ
এমএল ডাইং	৮৮.৫৭	৫৭.৬৭
ডেফোডিল কম্পিউটার্স	৮৫.০৯	৯৮.২১
ইসলামিক ফাইন্যান্স	৮২.০৮	১৪.৬২
১ম প্রাইম এফএমএফ	৮১	২০২.৫
ফু-ওয়াং সিরামিক	৭২.৫	৭৫.৬৫
আরামিট	৭২.১৬	৩২.৬৫
বিকন ফার্মা	৭১.৫	৬০.৪৯
মেঘনা সিমেন্ট	৭০.১১	৩৩.০৮
জেনারেশন নেক্সট	৬৪.২৯	৬০০
দেশবন্ধু পলিমার	৬২.৫	৪২.৫৫
প্যাসিফিক ডেনিম	৬১.৮৮	৫২.১১
পেপার প্রসেসিং	৬০.৪৪	৫৩.০৩
এশিয়া ইন্স্যুরেন্স	৫৯.৭৬	১৫.২৬
বারাকা পাওয়ার লি.	৫৯.১৭	১০
গোল্ডেন জুবিলি মি.ফা.	৫৬.২৫	৬৯.২৩
ইউনাইটেড ইন্স্যুরেন্স	৫০.৩৪	২৫.৩১
বেঙ্গল উইন্ডসর	৪৮.১১	৫২.৬
ফিনিক্স ফাই. ১ম মি.	৪৬.৪১	২১.০৪
বিডি থাই ফুড	৪৫	২৫৮.১৮
হামিদ ফেব্রিক্স	৪২.১৯	২৬.৬৭
এপেক্স ফুড	৪২	৭৯.৪২
পিই ১ : সর্বশেষ মেয়াদের আর্থিক প্রতিবেদনের ভিত্তিতে Basic EPS (চলমান প্রক্রিয়া) অনুযায়ী পিই রেশিও নির্ণয় করা হয়েছে।
পিই ৫ : সর্বশেষ নিরীক্ষিত আর্থিক প্রতিবেদনের ভিত্তিতে Diluted EPS (সমাপ্ত অর্থবছর) অনুযায়ী পিই রেশিও নির্ণয় করা হয়েছে।
